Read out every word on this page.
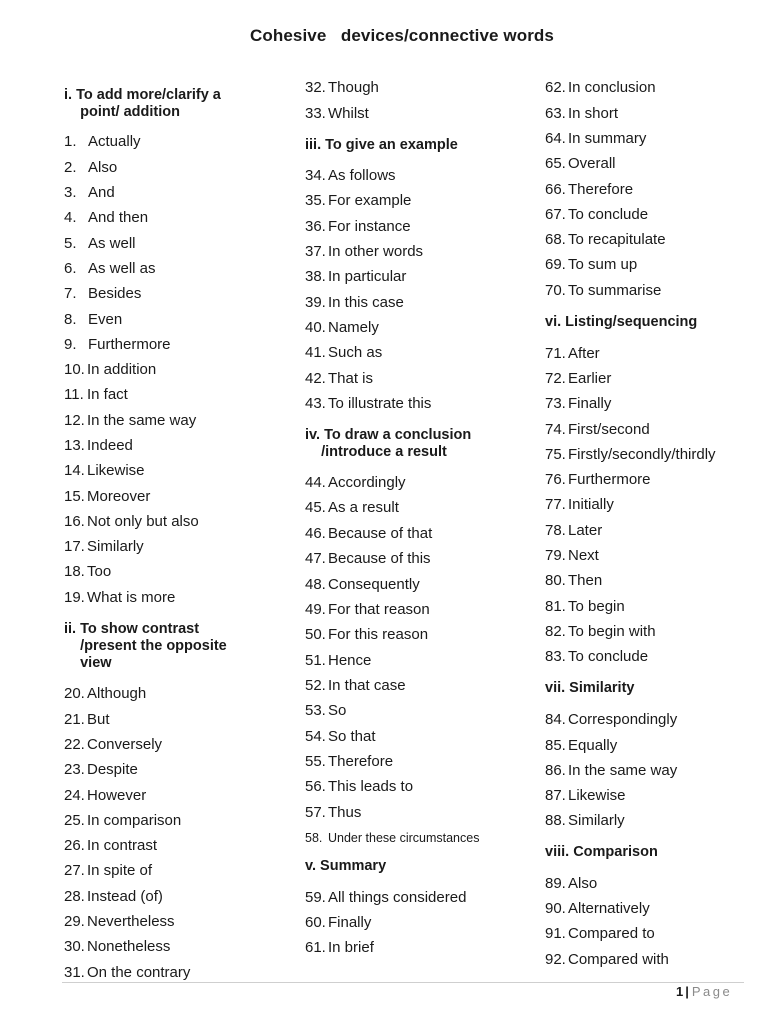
Cohesive   devices/connective words
i. To add more/clarify a
point/ addition
1. Actually
2. Also
3. And
4. And then
5. As well
6. As well as
7. Besides
8. Even
9. Furthermore
10. In addition
11. In fact
12. In the same way
13. Indeed
14. Likewise
15. Moreover
16. Not only but also
17. Similarly
18. Too
19. What is more
ii. To show contrast
/present the opposite
view
20. Although
21. But
22. Conversely
23. Despite
24. However
25. In comparison
26. In contrast
27. In spite of
28. Instead (of)
29. Nevertheless
30. Nonetheless
31. On the contrary
32. Though
33. Whilst
iii. To give an example
34. As follows
35. For example
36. For instance
37. In other words
38. In particular
39. In this case
40. Namely
41. Such as
42. That is
43. To illustrate this
iv. To draw a conclusion
/introduce a result
44. Accordingly
45. As a result
46. Because of that
47. Because of this
48. Consequently
49. For that reason
50. For this reason
51. Hence
52. In that case
53. So
54. So that
55. Therefore
56. This leads to
57. Thus
58. Under these circumstances
v. Summary
59. All things considered
60. Finally
61. In brief
62. In conclusion
63. In short
64. In summary
65. Overall
66. Therefore
67. To conclude
68. To recapitulate
69. To sum up
70. To summarise
vi. Listing/sequencing
71. After
72. Earlier
73. Finally
74. First/second
75. Firstly/secondly/thirdly
76. Furthermore
77. Initially
78. Later
79. Next
80. Then
81. To begin
82. To begin with
83. To conclude
vii. Similarity
84. Correspondingly
85. Equally
86. In the same way
87. Likewise
88. Similarly
viii. Comparison
89. Also
90. Alternatively
91. Compared to
92. Compared with
1 | Page
